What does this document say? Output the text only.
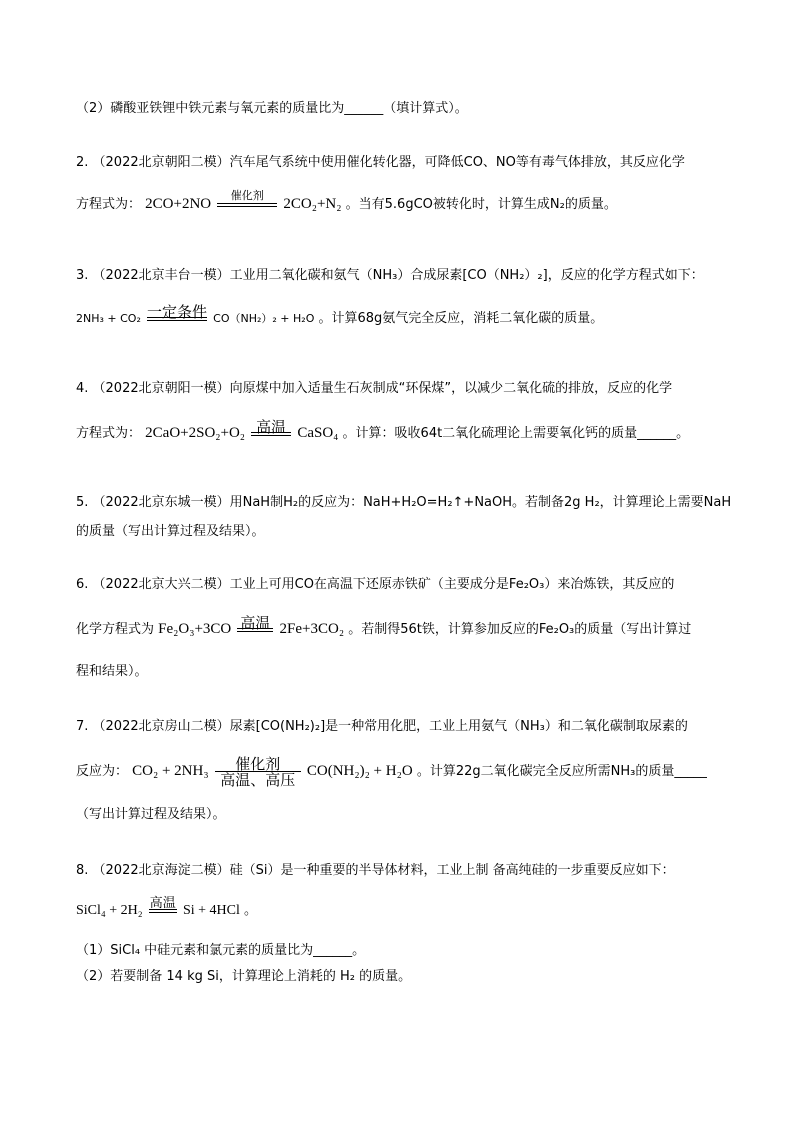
（2）磷酸亚铁锂中铁元素与氧元素的质量比为______（填计算式）。
2. （2022北京朝阳二模）汽车尾气系统中使用催化转化器，可降低CO、NO等有毒气体排放，其反应化学
方程式为： 2CO+2NO
催化剂
2CO₂+N₂ 。当有5.6gCO被转化时，计算生成N₂的质量。
3. （2022北京丰台一模）工业用二氧化碳和氨气（NH₃）合成尿素[CO（NH₂）₂]，反应的化学方程式如下：
2NH₃ + CO₂ 一定条件 CO（NH₂）₂ + H₂O 。计算68g氨气完全反应，消耗二氧化碳的质量。
4. （2022北京朝阳一模）向原煤中加入适量生石灰制成“环保煤”，以减少二氧化硫的排放，反应的化学
方程式为： 2CaO+2SO₂+O₂ 高温 CaSO₄ 。计算：吸收64t二氧化硫理论上需要氧化钙的质量______。
5. （2022北京东城一模）用NaH制H₂的反应为：NaH+H₂O=H₂↑+NaOH。若制备2g H₂，计算理论上需要NaH
的质量（写出计算过程及结果）。
6. （2022北京大兴二模）工业上可用CO在高温下还原赤铁矿（主要成分是Fe₂O₃）来冶炼铁，其反应的
化学方程式为 Fe₂O₃+3CO 高温 2Fe+3CO₂ 。若制得56t铁，计算参加反应的Fe₂O₃的质量（写出计算过
程和结果）。
7. （2022北京房山二模）尿素[CO(NH₂)₂]是一种常用化肥，工业上用氨气（NH₃）和二氧化碳制取尿素的
反应为： CO₂ + 2NH₃	催化剂
高温、高压 CO(NH₂)₂ + H₂O 。计算22g二氧化碳完全反应所需NH₃的质量_____
（写出计算过程及结果）。
8. （2022北京海淀二模）硅（Si）是一种重要的半导体材料，工业上制 备高纯硅的一步重要反应如下：
SiCl₄ + 2H₂ 高温 Si + 4HCl 。
（1）SiCl₄ 中硅元素和氯元素的质量比为______。
（2）若要制备 14 kg Si，计算理论上消耗的 H₂ 的质量。
